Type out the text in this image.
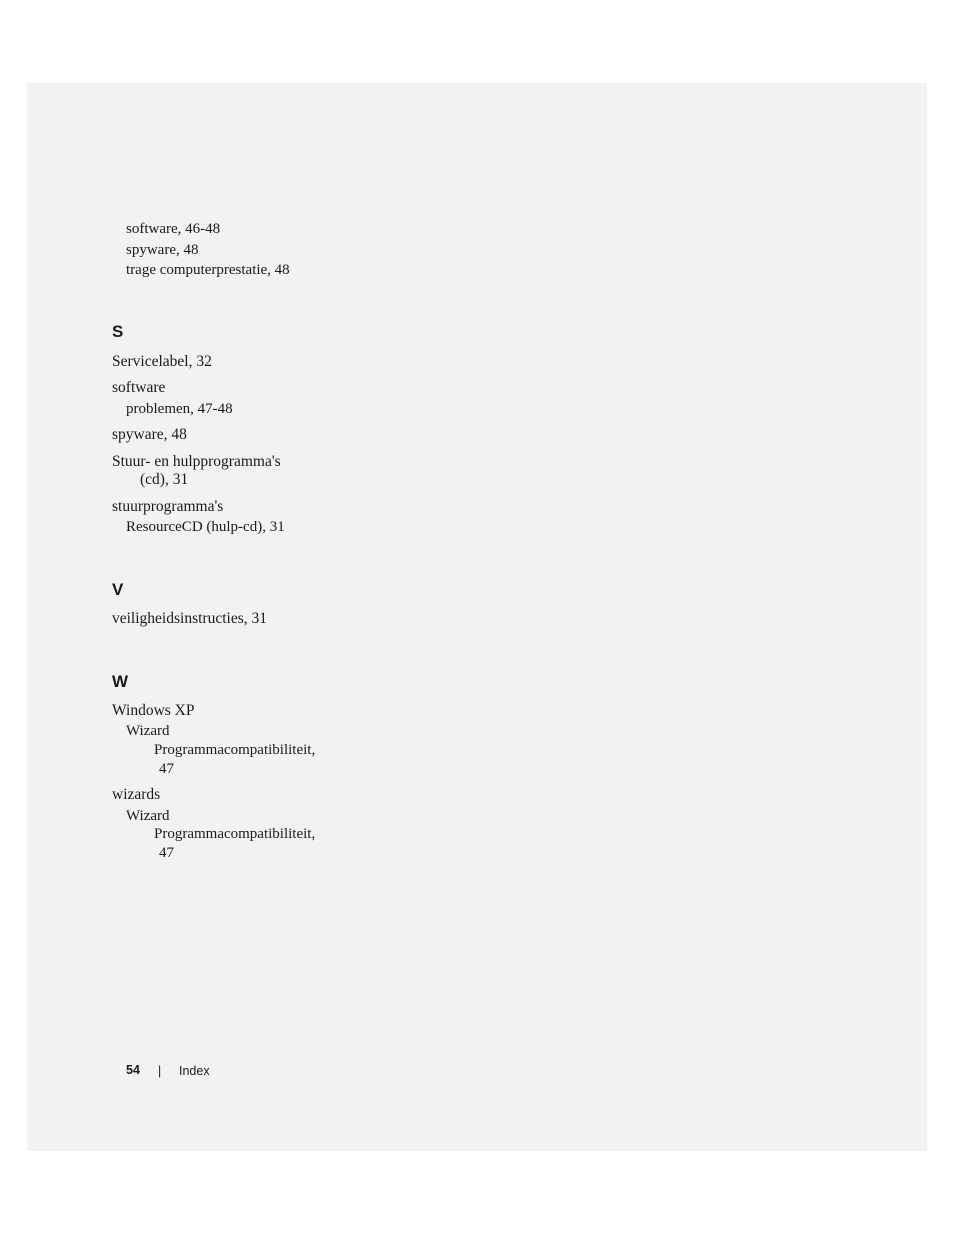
software, 46-48
spyware, 48
trage computerprestatie, 48
S
Servicelabel, 32
software
problemen, 47-48
spyware, 48
Stuur- en hulpprogramma's
(cd), 31
stuurprogramma's
ResourceCD (hulp-cd), 31
V
veiligheidsinstructies, 31
W
Windows XP
Wizard
Programmacompatibiliteit,
47
wizards
Wizard
Programmacompatibiliteit,
47
54 | Index
